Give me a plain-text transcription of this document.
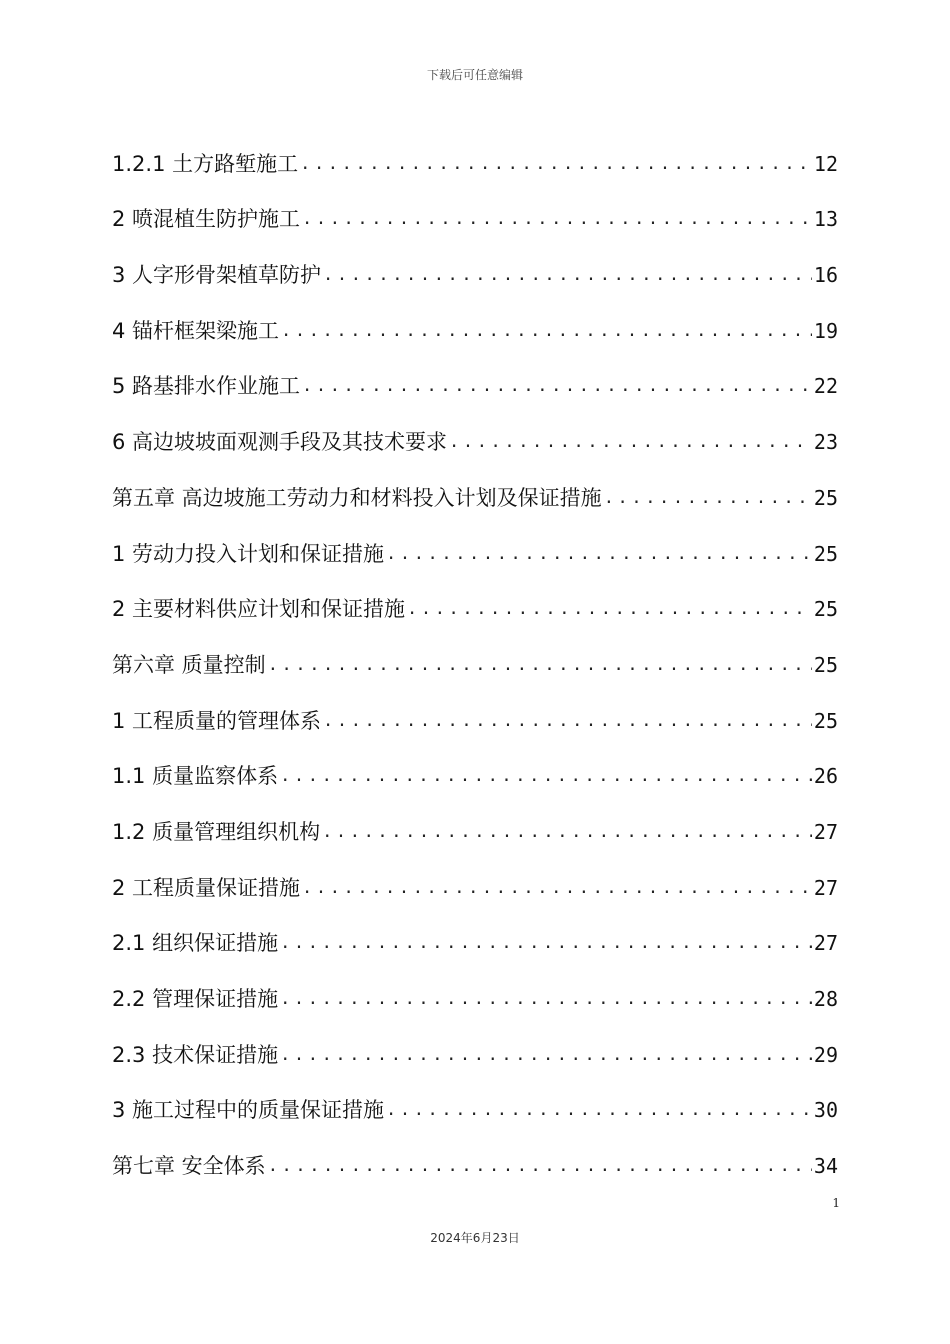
下载后可任意编辑
1.2.1 土方路堑施工 .....	12
2 喷混植生防护施工 .....	13
3 人字形骨架植草防护 .....	16
4 锚杆框架梁施工 .....	19
5 路基排水作业施工 .....	22
6 高边坡坡面观测手段及其技术要求 .....	23
第五章 高边坡施工劳动力和材料投入计划及保证措施 .....	25
1 劳动力投入计划和保证措施 .....	25
2 主要材料供应计划和保证措施 .....	25
第六章 质量控制 .....	25
1 工程质量的管理体系 .....	25
1.1 质量监察体系 .....	26
1.2 质量管理组织机构 .....	27
2 工程质量保证措施 .....	27
2.1 组织保证措施 .....	27
2.2 管理保证措施 .....	28
2.3 技术保证措施 .....	29
3 施工过程中的质量保证措施 .....	30
第七章 安全体系 .....	34
1
2024年6月23日
